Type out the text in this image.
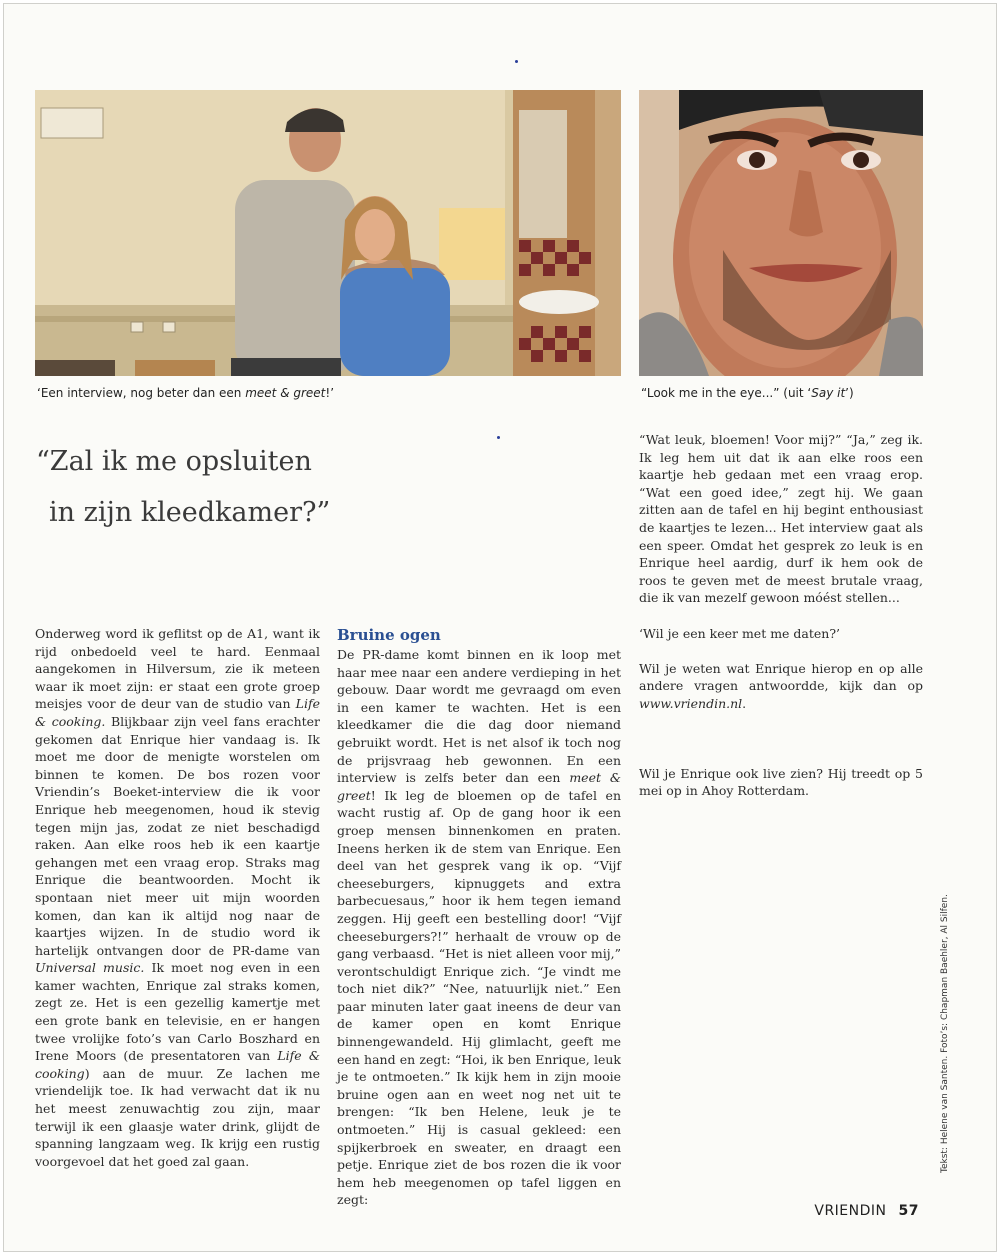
‘Een interview, nog beter dan een meet & greet!’	“Look me in the eye...” (uit ‘Say it’)
“Zal ik me opsluiten
in zijn kleedkamer?”

Onderweg word ik geflitst op de A1, want ik rijd onbedoeld veel te hard. Eenmaal aangekomen in Hilversum, zie ik meteen waar ik moet zijn: er staat een grote groep meisjes voor de deur van de studio van Life & cooking. Blijkbaar zijn veel fans erachter gekomen dat Enrique hier vandaag is. Ik moet me door de menigte worstelen om binnen te komen. De bos rozen voor Vriendin’s Boeket-interview die ik voor Enrique heb meegenomen, houd ik stevig tegen mijn jas, zodat ze niet beschadigd raken. Aan elke roos heb ik een kaartje gehangen met een vraag erop. Straks mag Enrique die beantwoorden. Mocht ik spontaan niet meer uit mijn woorden komen, dan kan ik altijd nog naar de kaartjes wijzen. In de studio word ik hartelijk ontvangen door de PR-dame van Universal music. Ik moet nog even in een kamer wachten, Enrique zal straks komen, zegt ze. Het is een gezellig kamertje met een grote bank en televisie, en er hangen twee vrolijke foto’s van Carlo Boszhard en Irene Moors (de presentatoren van Life & cooking) aan de muur. Ze lachen me vriendelijk toe. Ik had verwacht dat ik nu het meest zenuwachtig zou zijn, maar terwijl ik een glaasje water drink, glijdt de spanning langzaam weg. Ik krijg een rustig voorgevoel dat het goed zal gaan.

Bruine ogen

De PR-dame komt binnen en ik loop met haar mee naar een andere verdieping in het gebouw. Daar wordt me gevraagd om even in een kamer te wachten. Het is een kleedkamer die die dag door niemand gebruikt wordt. Het is net alsof ik toch nog de prijsvraag heb gewonnen. En een interview is zelfs beter dan een meet & greet! Ik leg de bloemen op de tafel en wacht rustig af. Op de gang hoor ik een groep mensen binnenkomen en praten. Ineens herken ik de stem van Enrique. Een deel van het gesprek vang ik op. “Vijf cheeseburgers, kipnuggets and extra barbecuesaus,” hoor ik hem tegen iemand zeggen. Hij geeft een bestelling door! “Vijf cheeseburgers?!” herhaalt de vrouw op de gang verbaasd. “Het is niet alleen voor mij,” verontschuldigt Enrique zich. “Je vindt me toch niet dik?” “Nee, natuurlijk niet.” Een paar minuten later gaat ineens de deur van de kamer open en komt Enrique binnengewandeld. Hij glimlacht, geeft me een hand en zegt: “Hoi, ik ben Enrique, leuk je te ontmoeten.” Ik kijk hem in zijn mooie bruine ogen aan en weet nog net uit te brengen: “Ik ben Helene, leuk je te ontmoeten.” Hij is casual gekleed: een spijkerbroek en sweater, en draagt een petje. Enrique ziet de bos rozen die ik voor hem heb meegenomen op tafel liggen en zegt:

“Wat leuk, bloemen! Voor mij?” “Ja,” zeg ik. Ik leg hem uit dat ik aan elke roos een kaartje heb gedaan met een vraag erop. “Wat een goed idee,” zegt hij. We gaan zitten aan de tafel en hij begint enthousiast de kaartjes te lezen... Het interview gaat als een speer. Omdat het gesprek zo leuk is en Enrique heel aardig, durf ik hem ook de roos te geven met de meest brutale vraag, die ik van mezelf gewoon móést stellen...

‘Wil je een keer met me daten?’

Wil je weten wat Enrique hierop en op alle andere vragen antwoordde, kijk dan op www.vriendin.nl.

Wil je Enrique ook live zien? Hij treedt op 5 mei op in Ahoy Rotterdam.

Tekst: Helene van Santen. Foto’s: Chapman Baehler, Al Silfen.
VRIENDIN 57
